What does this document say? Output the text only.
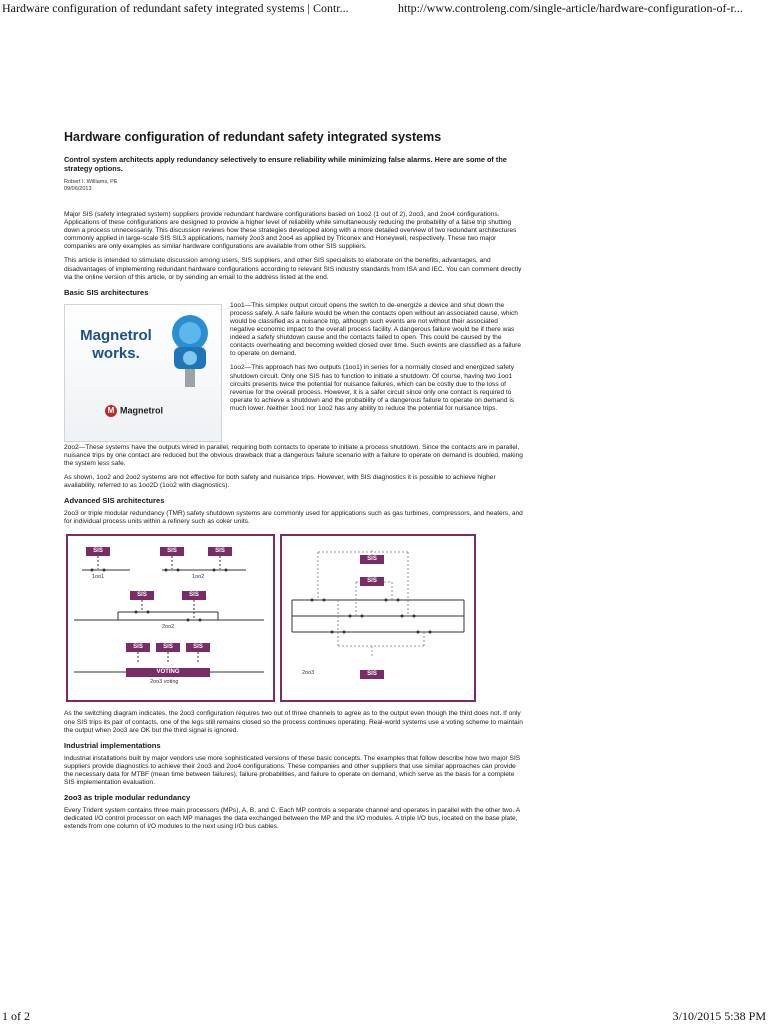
Hardware configuration of redundant safety integrated systems | Contr...	http://www.controleng.com/single-article/hardware-configuration-of-r...
Hardware configuration of redundant safety integrated systems
Control system architects apply redundancy selectively to ensure reliability while minimizing false alarms. Here are some of the strategy options.
Robert I. Williams, PE
09/06/2013

Major SIS (safety integrated system) suppliers provide redundant hardware configurations based on 1oo2 (1 out of 2), 2oo3, and 2oo4 configurations. Applications of these configurations are designed to provide a higher level of reliability while simultaneously reducing the probability of a false trip shutting down a process unnecessarily. This discussion reviews how these strategies developed along with a more detailed overview of two redundant architectures commonly applied in large-scale SIS SIL3 applications, namely 2oo3 and 2oo4 as applied by Triconex and Honeywell, respectively. These two major companies are only examples as similar hardware configurations are available from other SIS suppliers.

This article is intended to stimulate discussion among users, SIS suppliers, and other SIS specialists to elaborate on the benefits, advantages, and disadvantages of implementing redundant hardware configurations according to relevant SIS industry standards from ISA and IEC. You can comment directly via the online version of this article, or by sending an email to the address listed at the end.

Basic SIS architectures
Magnetrol works.
M Magnetrol

1oo1—This simplex output circuit opens the switch to de-energize a device and shut down the process safely. A safe failure would be when the contacts open without an associated cause, which would be classified as a nuisance trip, although such events are not without their associated negative economic impact to the overall process facility. A dangerous failure would be if there was indeed a safety shutdown cause and the contacts failed to open. This could be caused by the contacts overheating and becoming welded closed over time. Such events are classified as a failure to operate on demand.

1oo2—This approach has two outputs (1oo1) in series for a normally closed and energized safety shutdown circuit. Only one SIS has to function to initiate a shutdown. Of course, having two 1oo1 circuits presents twice the potential for nuisance failures, which can be costly due to the loss of revenue for the overall process. However, it is a safer circuit since only one contact is required to operate to achieve a shutdown and the probability of a dangerous failure to operate on demand is much lower. Neither 1oo1 nor 1oo2 has any ability to reduce the potential for nuisance trips.

2oo2—These systems have the outputs wired in parallel, requiring both contacts to operate to initiate a process shutdown. Since the contacts are in parallel, nuisance trips by one contact are reduced but the obvious drawback that a dangerous failure scenario with a failure to operate on demand is doubled, making the system less safe.

As shown, 1oo2 and 2oo2 systems are not effective for both safety and nuisance trips. However, with SIS diagnostics it is possible to achieve higher availability, referred to as 1oo2D (1oo2 with diagnostics).

Advanced SIS architectures

2oo3 or triple modular redundancy (TMR) safety shutdown systems are commonly used for applications such as gas turbines, compressors, and heaters, and for individual process units within a refinery such as coker units.

SIS	SIS	SIS
1oo1	1oo2
SIS	SIS
2oo2
SIS	SIS	SIS
VOTING
2oo3 voting
SIS
SIS
SIS
2oo3

As the switching diagram indicates, the 2oo3 configuration requires two out of three channels to agree as to the output even though the third does not. If only one SIS trips its pair of contacts, one of the legs still remains closed so the process continues operating. Real-world systems use a voting scheme to maintain the output when 2oo3 are OK but the third signal is ignored.

Industrial implementations

Industrial installations built by major vendors use more sophisticated versions of these basic concepts. The examples that follow describe how two major SIS suppliers provide diagnostics to achieve their 2oo3 and 2oo4 configurations. These companies and other suppliers that use similar approaches can provide the necessary data for MTBF (mean time between failures), failure probabilities, and failure to operate on demand, which serve as the basis for a complete SIS implementation evaluation.

2oo3 as triple modular redundancy

Every Trident system contains three main processors (MPs), A, B, and C. Each MP controls a separate channel and operates in parallel with the other two. A dedicated I/O control processor on each MP manages the data exchanged between the MP and the I/O modules. A triple I/O bus, located on the base plate, extends from one column of I/O modules to the next using I/O bus cables.

1 of 2	3/10/2015 5:38 PM
